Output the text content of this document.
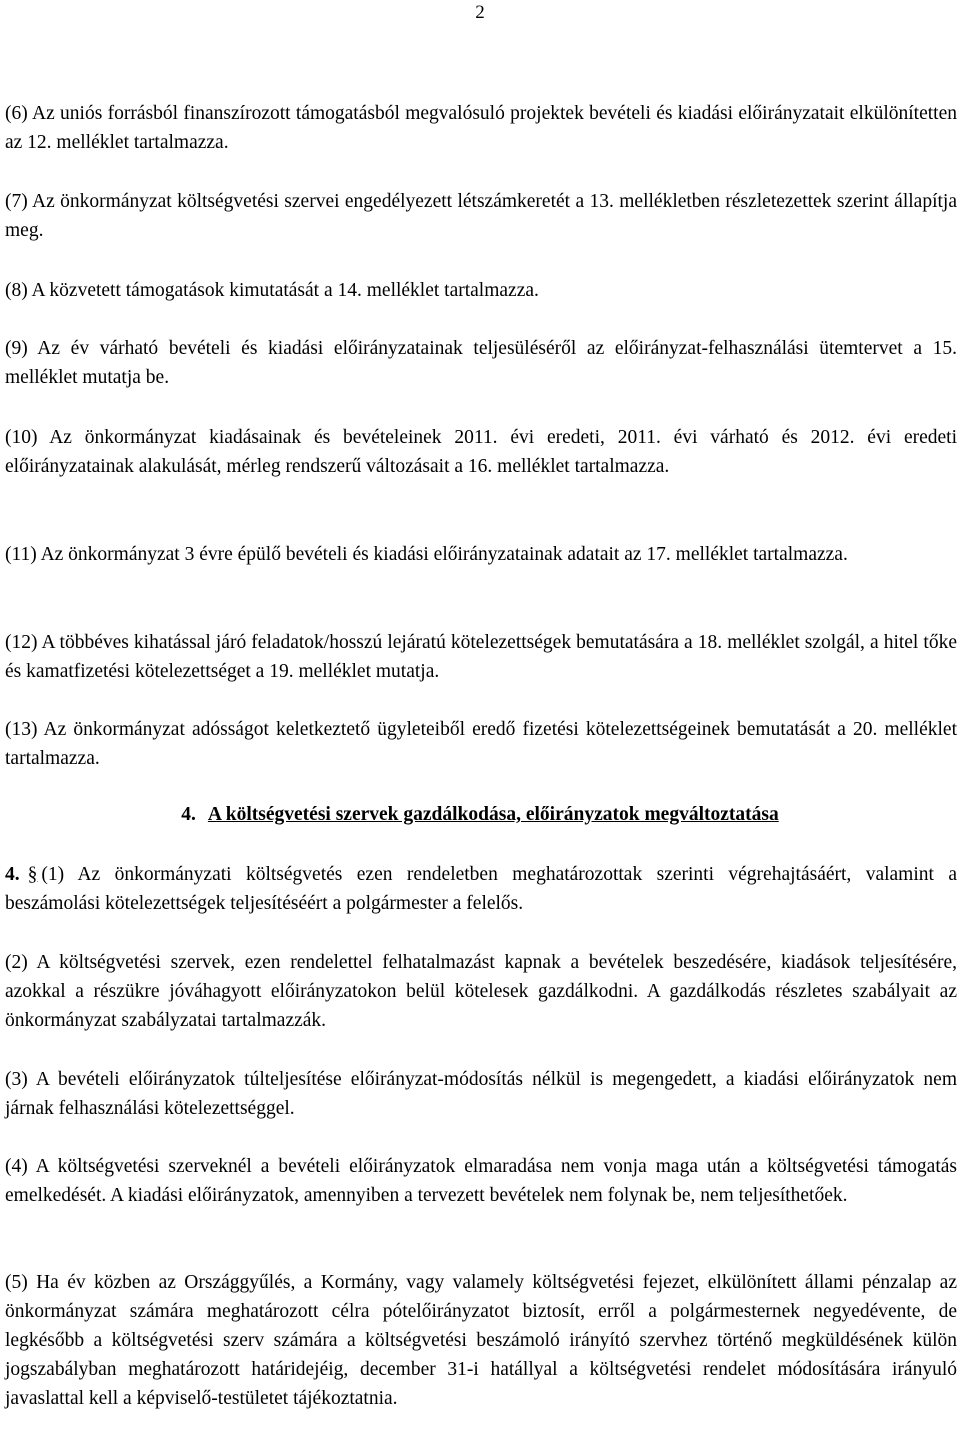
2

(6) Az uniós forrásból finanszírozott támogatásból megvalósuló projektek bevételi és kiadási előirányzatait elkülönítetten az 12. melléklet tartalmazza.

(7) Az önkormányzat költségvetési szervei engedélyezett létszámkeretét a 13. mellékletben részletezettek szerint állapítja meg.

(8) A közvetett támogatások kimutatását a 14. melléklet tartalmazza.

(9) Az év várható bevételi és kiadási előirányzatainak teljesüléséről az előirányzat-felhasználási ütemtervet a 15. melléklet mutatja be.

(10) Az önkormányzat kiadásainak és bevételeinek 2011. évi eredeti, 2011. évi várható és 2012. évi eredeti előirányzatainak alakulását, mérleg rendszerű változásait a 16. melléklet tartalmazza.

(11) Az önkormányzat 3 évre épülő bevételi és kiadási előirányzatainak adatait az 17. melléklet tartalmazza.

(12) A többéves kihatással járó feladatok/hosszú lejáratú kötelezettségek bemutatására a 18. melléklet szolgál, a hitel tőke és kamatfizetési kötelezettséget a 19. melléklet mutatja.

(13) Az önkormányzat adósságot keletkeztető ügyleteiből eredő fizetési kötelezettségeinek bemutatását a 20. melléklet tartalmazza.

4. A költségvetési szervek gazdálkodása, előirányzatok megváltoztatása

4. § (1) Az önkormányzati költségvetés ezen rendeletben meghatározottak szerinti végrehajtásáért, valamint a beszámolási kötelezettségek teljesítéséért a polgármester a felelős.

(2) A költségvetési szervek, ezen rendelettel felhatalmazást kapnak a bevételek beszedésére, kiadások teljesítésére, azokkal a részükre jóváhagyott előirányzatokon belül kötelesek gazdálkodni. A gazdálkodás részletes szabályait az önkormányzat szabályzatai tartalmazzák.

(3) A bevételi előirányzatok túlteljesítése előirányzat-módosítás nélkül is megengedett, a kiadási előirányzatok nem járnak felhasználási kötelezettséggel.

(4) A költségvetési szerveknél a bevételi előirányzatok elmaradása nem vonja maga után a költségvetési támogatás emelkedését. A kiadási előirányzatok, amennyiben a tervezett bevételek nem folynak be, nem teljesíthetőek.

(5) Ha év közben az Országgyűlés, a Kormány, vagy valamely költségvetési fejezet, elkülönített állami pénzalap az önkormányzat számára meghatározott célra pótelőirányzatot biztosít, erről a polgármesternek negyedévente, de legkésőbb a költségvetési szerv számára a költségvetési beszámoló irányító szervhez történő megküldésének külön jogszabályban meghatározott határidejéig, december 31-i hatállyal a költségvetési rendelet módosítására irányuló javaslattal kell a képviselő-testületet tájékoztatnia.
